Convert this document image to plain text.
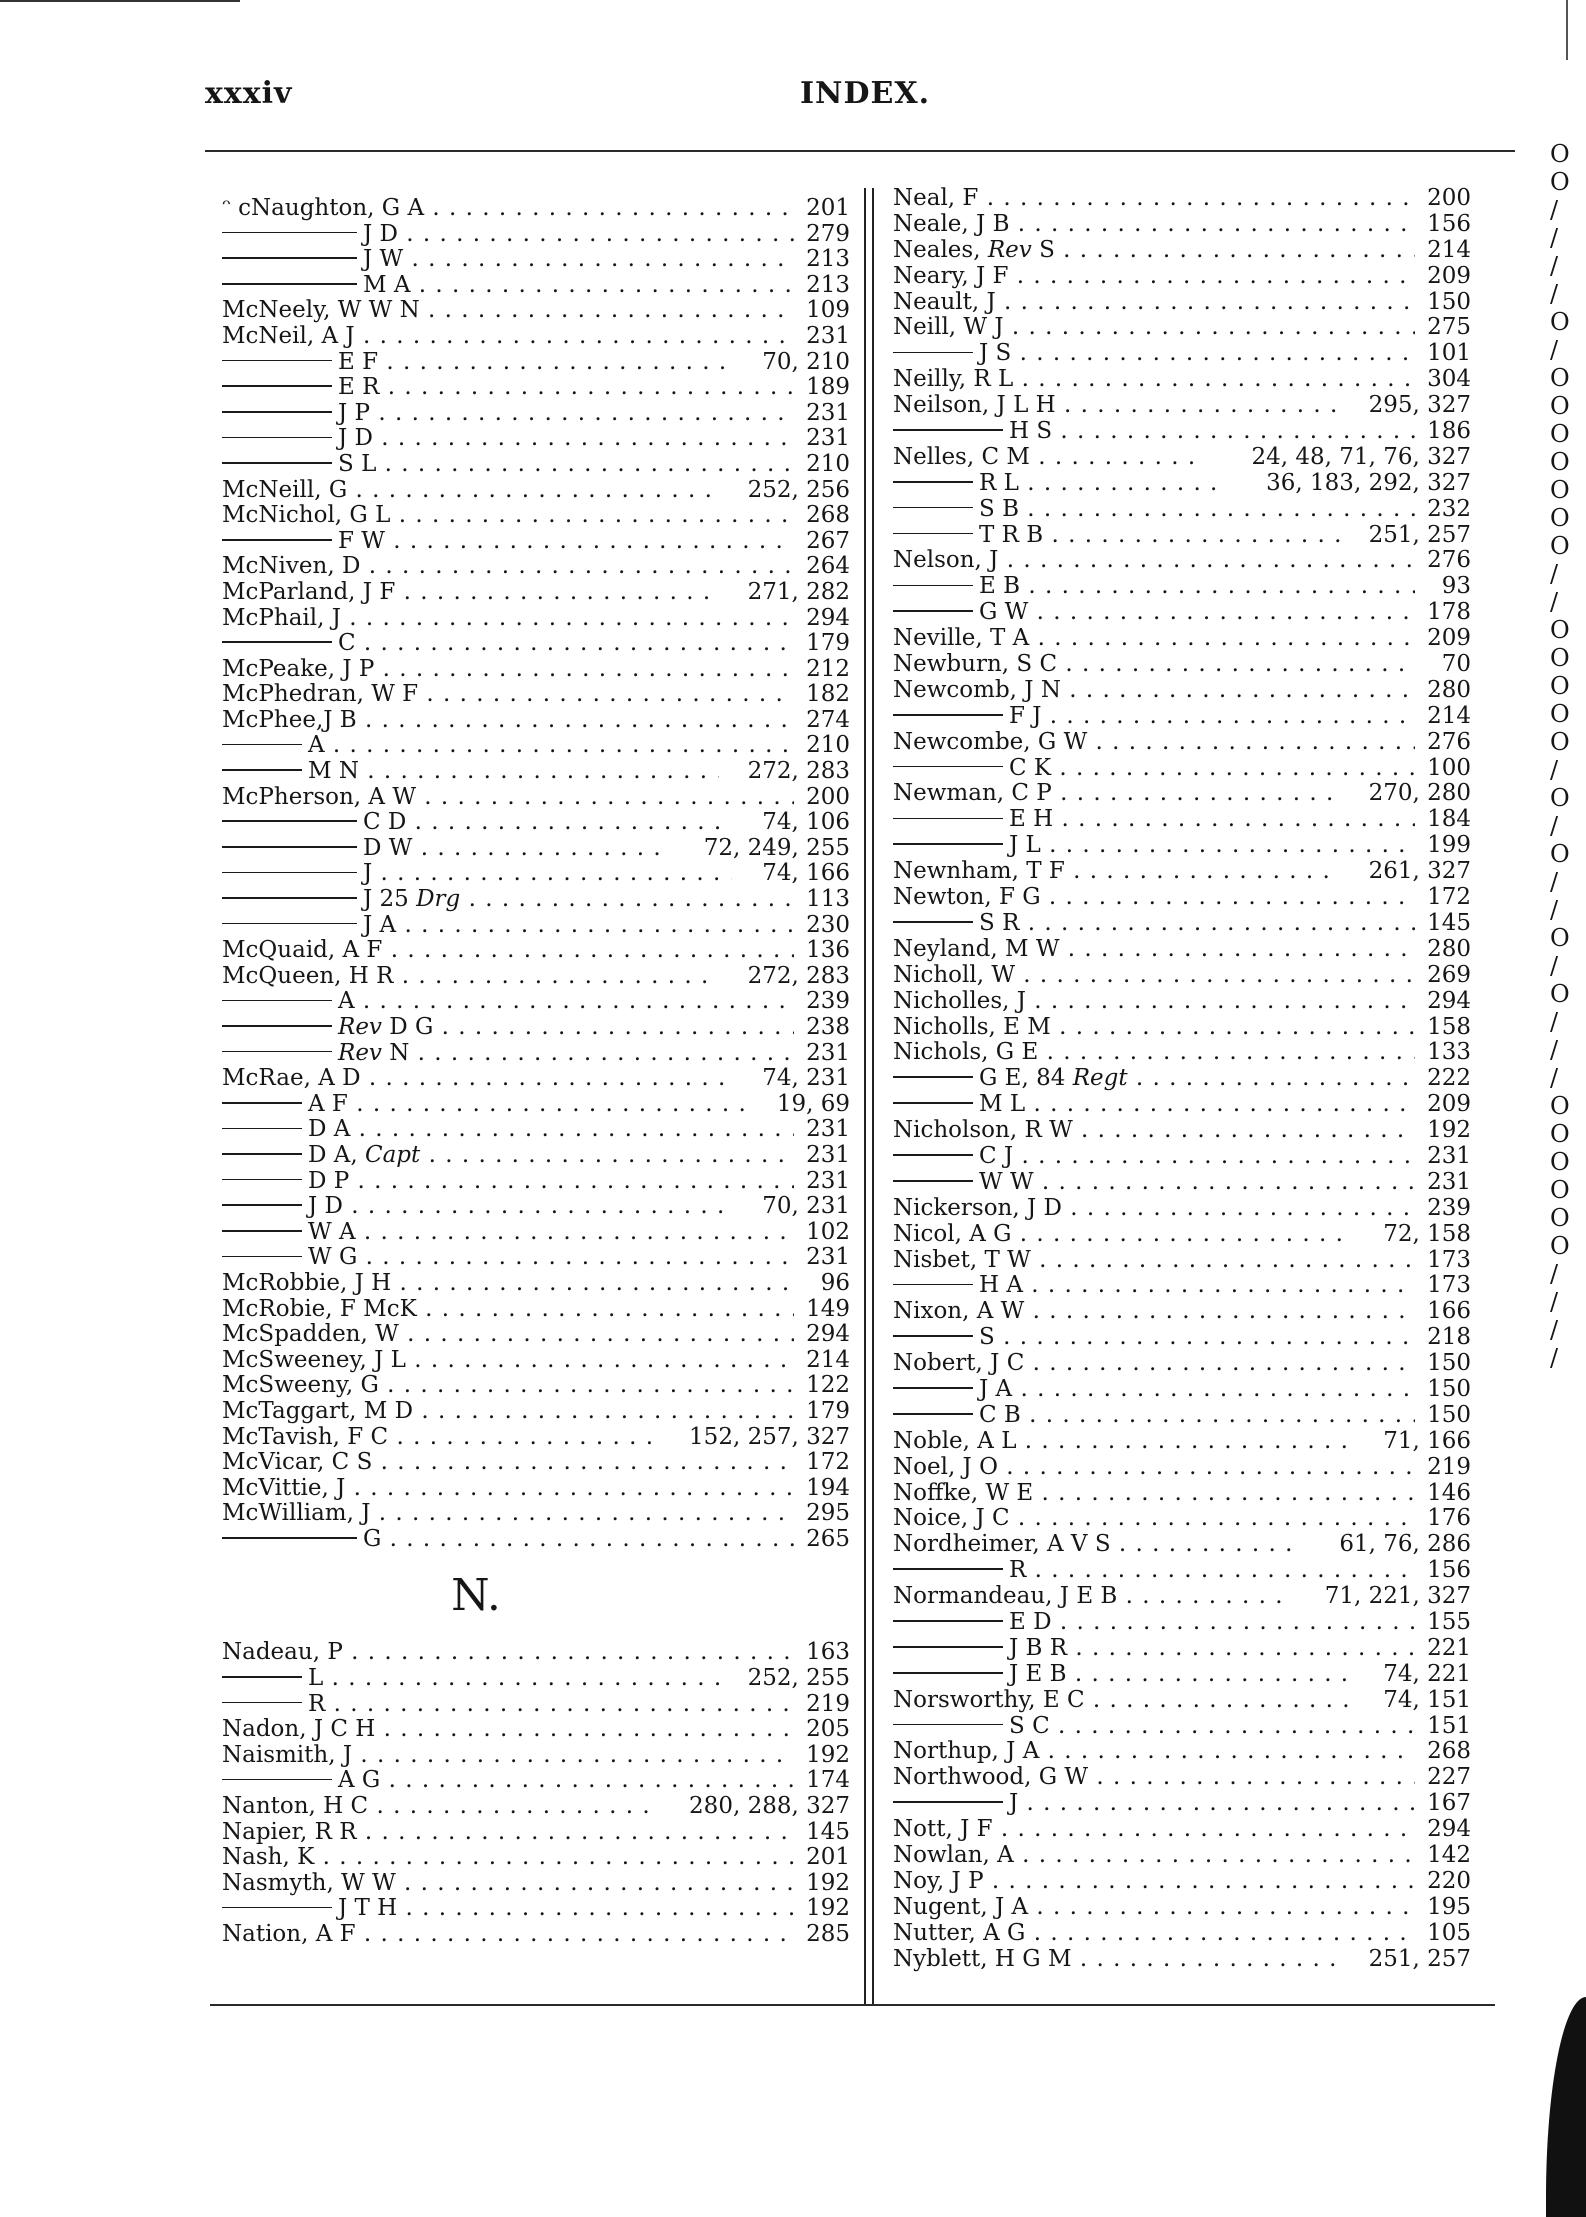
xxxiv	INDEX.
ᵔ cNaughton, G A . . .	201
J D . . .	279
J W . . .	213
M A . . .	213
McNeely, W W N . . .	109
McNeil, A J . . .	231
E F . . .	70, 210
E R . . .	189
J P . . .	231
J D . . .	231
S L . . .	210
McNeill, G . . .	252, 256
McNichol, G L . . .	268
F W . . .	267
McNiven, D . . .	264
McParland, J F . . .	271, 282
McPhail, J . . .	294
C . . .	179
McPeake, J P . . .	212
McPhedran, W F . . .	182
McPhee,J B . . .	274
A . . .	210
M N . . .	272, 283
McPherson, A W . . .	200
C D . . .	74, 106
D W . . .	72, 249, 255
J . . .	74, 166
J 25 Drg . . .	113
J A . . .	230
McQuaid, A F . . .	136
McQueen, H R . . .	272, 283
A . . .	239
Rev D G . . .	238
Rev N . . .	231
McRae, A D . . .	74, 231
A F . . .	19, 69
D A . . .	231
D A, Capt . . .	231
D P . . .	231
J D . . .	70, 231
W A . . .	102
W G . . .	231
McRobbie, J H . . .	96
McRobie, F McK . . .	149
McSpadden, W . . .	294
McSweeney, J L . . .	214
McSweeny, G . . .	122
McTaggart, M D . . .	179
McTavish, F C . . .	152, 257, 327
McVicar, C S . . .	172
McVittie, J . . .	194
McWilliam, J . . .	295
G . . .	265
N.
Nadeau, P . . .	163
L . . .	252, 255
R . . .	219
Nadon, J C H . . .	205
Naismith, J . . .	192
A G . . .	174
Nanton, H C . . .	280, 288, 327
Napier, R R . . .	145
Nash, K . . .	201
Nasmyth, W W . . .	192
J T H . . .	192
Nation, A F . . .	285
Neal, F . . .	200
Neale, J B . . .	156
Neales, Rev S . . .	214
Neary, J F . . .	209
Neault, J . . .	150
Neill, W J . . .	275
J S . . .	101
Neilly, R L . . .	304
Neilson, J L H . . .	295, 327
H S . . .	186
Nelles, C M . . .	24, 48, 71, 76, 327
R L . . .	36, 183, 292, 327
S B . . .	232
T R B . . .	251, 257
Nelson, J . . .	276
E B . . .	93
G W . . .	178
Neville, T A . . .	209
Newburn, S C . . .	70
Newcomb, J N . . .	280
F J . . .	214
Newcombe, G W . . .	276
C K . . .	100
Newman, C P . . .	270, 280
E H . . .	184
J L . . .	199
Newnham, T F . . .	261, 327
Newton, F G . . .	172
S R . . .	145
Neyland, M W . . .	280
Nicholl, W . . .	269
Nicholles, J . . .	294
Nicholls, E M . . .	158
Nichols, G E . . .	133
G E, 84 Regt . . .	222
M L . . .	209
Nicholson, R W . . .	192
C J . . .	231
W W . . .	231
Nickerson, J D . . .	239
Nicol, A G . . .	72, 158
Nisbet, T W . . .	173
H A . . .	173
Nixon, A W . . .	166
S . . .	218
Nobert, J C . . .	150
J A . . .	150
C B . . .	150
Noble, A L . . .	71, 166
Noel, J O . . .	219
Noffke, W E . . .	146
Noice, J C . . .	176
Nordheimer, A V S . . .	61, 76, 286
R . . .	156
Normandeau, J E B . . .	71, 221, 327
E D . . .	155
J B R . . .	221
J E B . . .	74, 221
Norsworthy, E C . . .	74, 151
S C . . .	151
Northup, J A . . .	268
Northwood, G W . . .	227
J . . .	167
Nott, J F . . .	294
Nowlan, A . . .	142
Noy, J P . . .	220
Nugent, J A . . .	195
Nutter, A G . . .	105
Nyblett, H G M . . .	251, 257
O O / / / / O / O O O O O O O / / O O O O O / O / O / / O / O / / / O O O O O O / / / /
